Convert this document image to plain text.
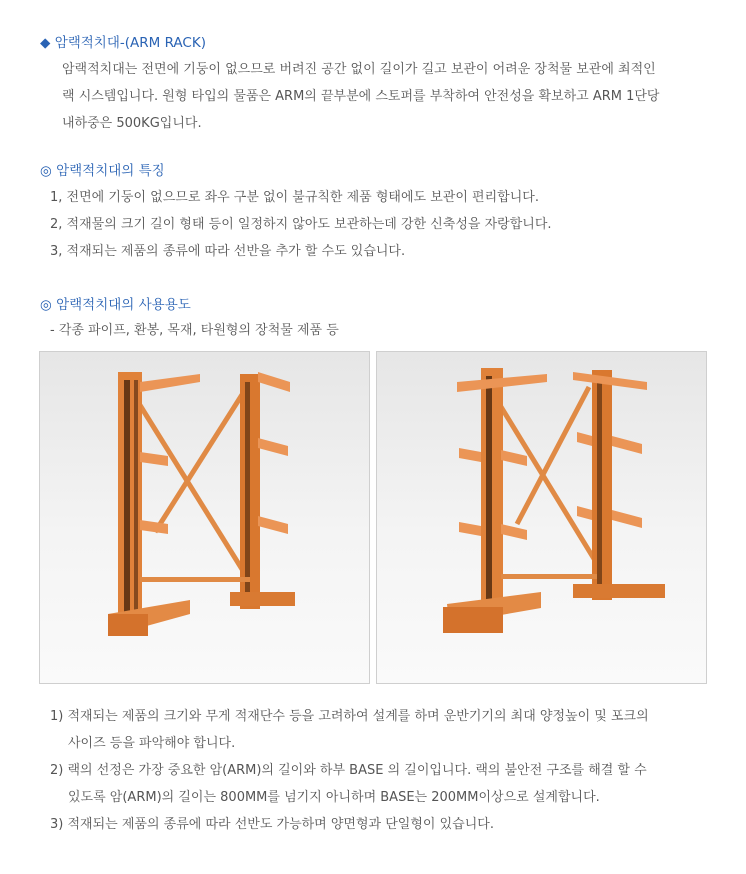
◆ 암랙적치대-(ARM RACK)
암랙적치대는 전면에 기둥이 없으므로 버려진 공간 없이 길이가 길고 보관이 어려운 장척물 보관에 최적인
랙 시스템입니다. 원형 타입의 물품은 ARM의 끝부분에 스토퍼를 부착하여 안전성을 확보하고 ARM 1단당
내하중은 500KG입니다.
◎ 암랙적치대의 특징
1, 전면에 기둥이 없으므로 좌우 구분 없이 불규칙한 제품 형태에도 보관이 편리합니다.
2, 적재물의 크기 길이 형태 등이 일정하지 않아도 보관하는데 강한 신축성을 자랑합니다.
3, 적재되는 제품의 종류에 따라 선반을 추가 할 수도 있습니다.
◎ 암랙적치대의 사용용도
- 각종 파이프, 환봉, 목재, 타원형의 장척물 제품 등
1) 적재되는 제품의 크기와 무게 적재단수 등을 고려하여 설계를 하며 운반기기의 최대 양정높이 및 포크의
사이즈 등을 파악해야 합니다.
2) 랙의 선정은 가장 중요한 암(ARM)의 길이와 하부 BASE 의 길이입니다. 랙의 불안전 구조를 해결 할 수
있도록 암(ARM)의 길이는 800MM를 넘기지 아니하며 BASE는 200MM이상으로 설계합니다.
3) 적재되는 제품의 종류에 따라 선반도 가능하며 양면형과 단일형이 있습니다.
